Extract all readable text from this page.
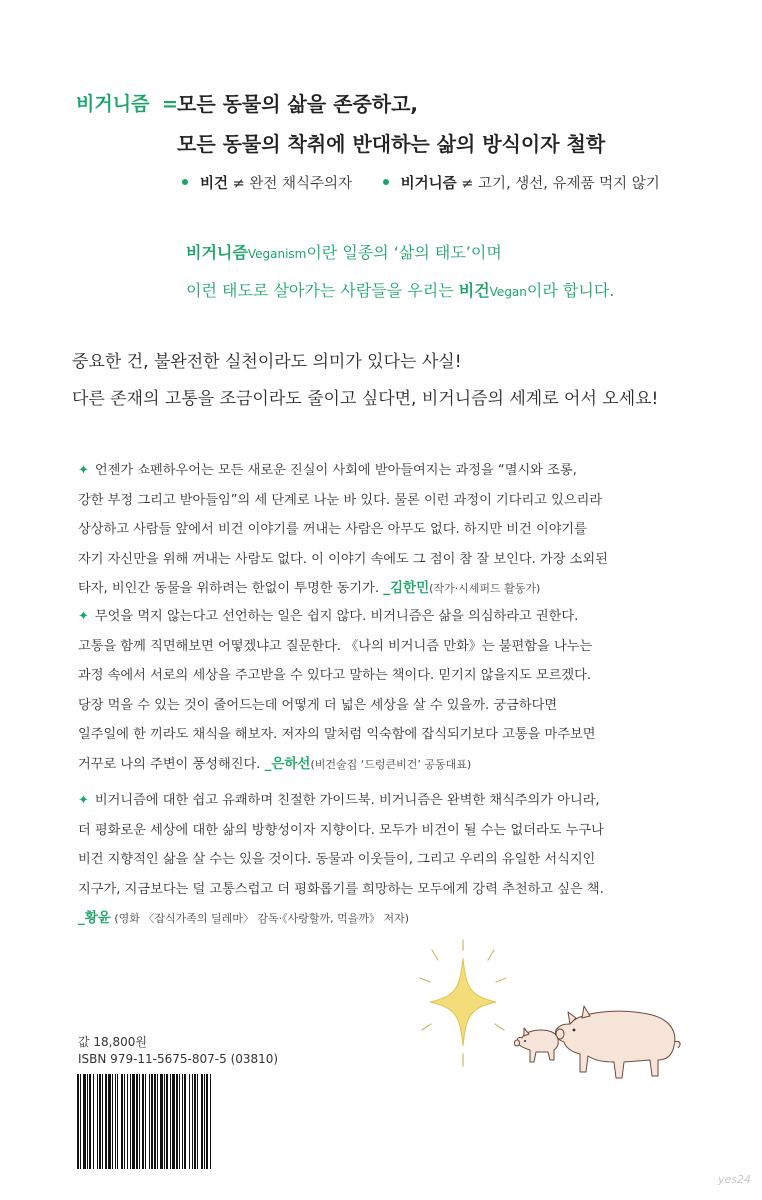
비거니즘 = 모든 동물의 삶을 존중하고,
모든 동물의 착취에 반대하는 삶의 방식이자 철학
비건 ≠ 완전 채식주의자	비거니즘 ≠ 고기, 생선, 유제품 먹지 않기
비거니즘Veganism이란 일종의 ‘삶의 태도’이며
이런 태도로 살아가는 사람들을 우리는 비건Vegan이라 합니다.
중요한 건, 불완전한 실천이라도 의미가 있다는 사실!
다른 존재의 고통을 조금이라도 줄이고 싶다면, 비거니즘의 세계로 어서 오세요!
✦ 언젠가 쇼펜하우어는 모든 새로운 진실이 사회에 받아들여지는 과정을 “멸시와 조롱,
강한 부정 그리고 받아들임”의 세 단계로 나눈 바 있다. 물론 이런 과정이 기다리고 있으리라
상상하고 사람들 앞에서 비건 이야기를 꺼내는 사람은 아무도 없다. 하지만 비건 이야기를
자기 자신만을 위해 꺼내는 사람도 없다. 이 이야기 속에도 그 점이 참 잘 보인다. 가장 소외된
타자, 비인간 동물을 위하려는 한없이 투명한 동기가. _김한민(작가·시셰퍼드 활동가)
✦ 무엇을 먹지 않는다고 선언하는 일은 쉽지 않다. 비거니즘은 삶을 의심하라고 권한다.
고통을 함께 직면해보면 어떻겠냐고 질문한다. 《나의 비거니즘 만화》는 불편함을 나누는
과정 속에서 서로의 세상을 주고받을 수 있다고 말하는 책이다. 믿기지 않을지도 모르겠다.
당장 먹을 수 있는 것이 줄어드는데 어떻게 더 넓은 세상을 살 수 있을까. 궁금하다면
일주일에 한 끼라도 채식을 해보자. 저자의 말처럼 익숙함에 잡식되기보다 고통을 마주보면
거꾸로 나의 주변이 풍성해진다. _은하선(비건술집 ‘드렁큰비건’ 공동대표)
✦ 비거니즘에 대한 쉽고 유쾌하며 친절한 가이드북. 비거니즘은 완벽한 채식주의가 아니라,
더 평화로운 세상에 대한 삶의 방향성이자 지향이다. 모두가 비건이 될 수는 없더라도 누구나
비건 지향적인 삶을 살 수는 있을 것이다. 동물과 이웃들이, 그리고 우리의 유일한 서식지인
지구가, 지금보다는 덜 고통스럽고 더 평화롭기를 희망하는 모두에게 강력 추천하고 싶은 책.
_황윤 (영화 〈잡식가족의 딜레마〉 감독·《사랑할까, 먹을까》 저자)
값 18,800원
ISBN 979-11-5675-807-5 (03810)
yes24
